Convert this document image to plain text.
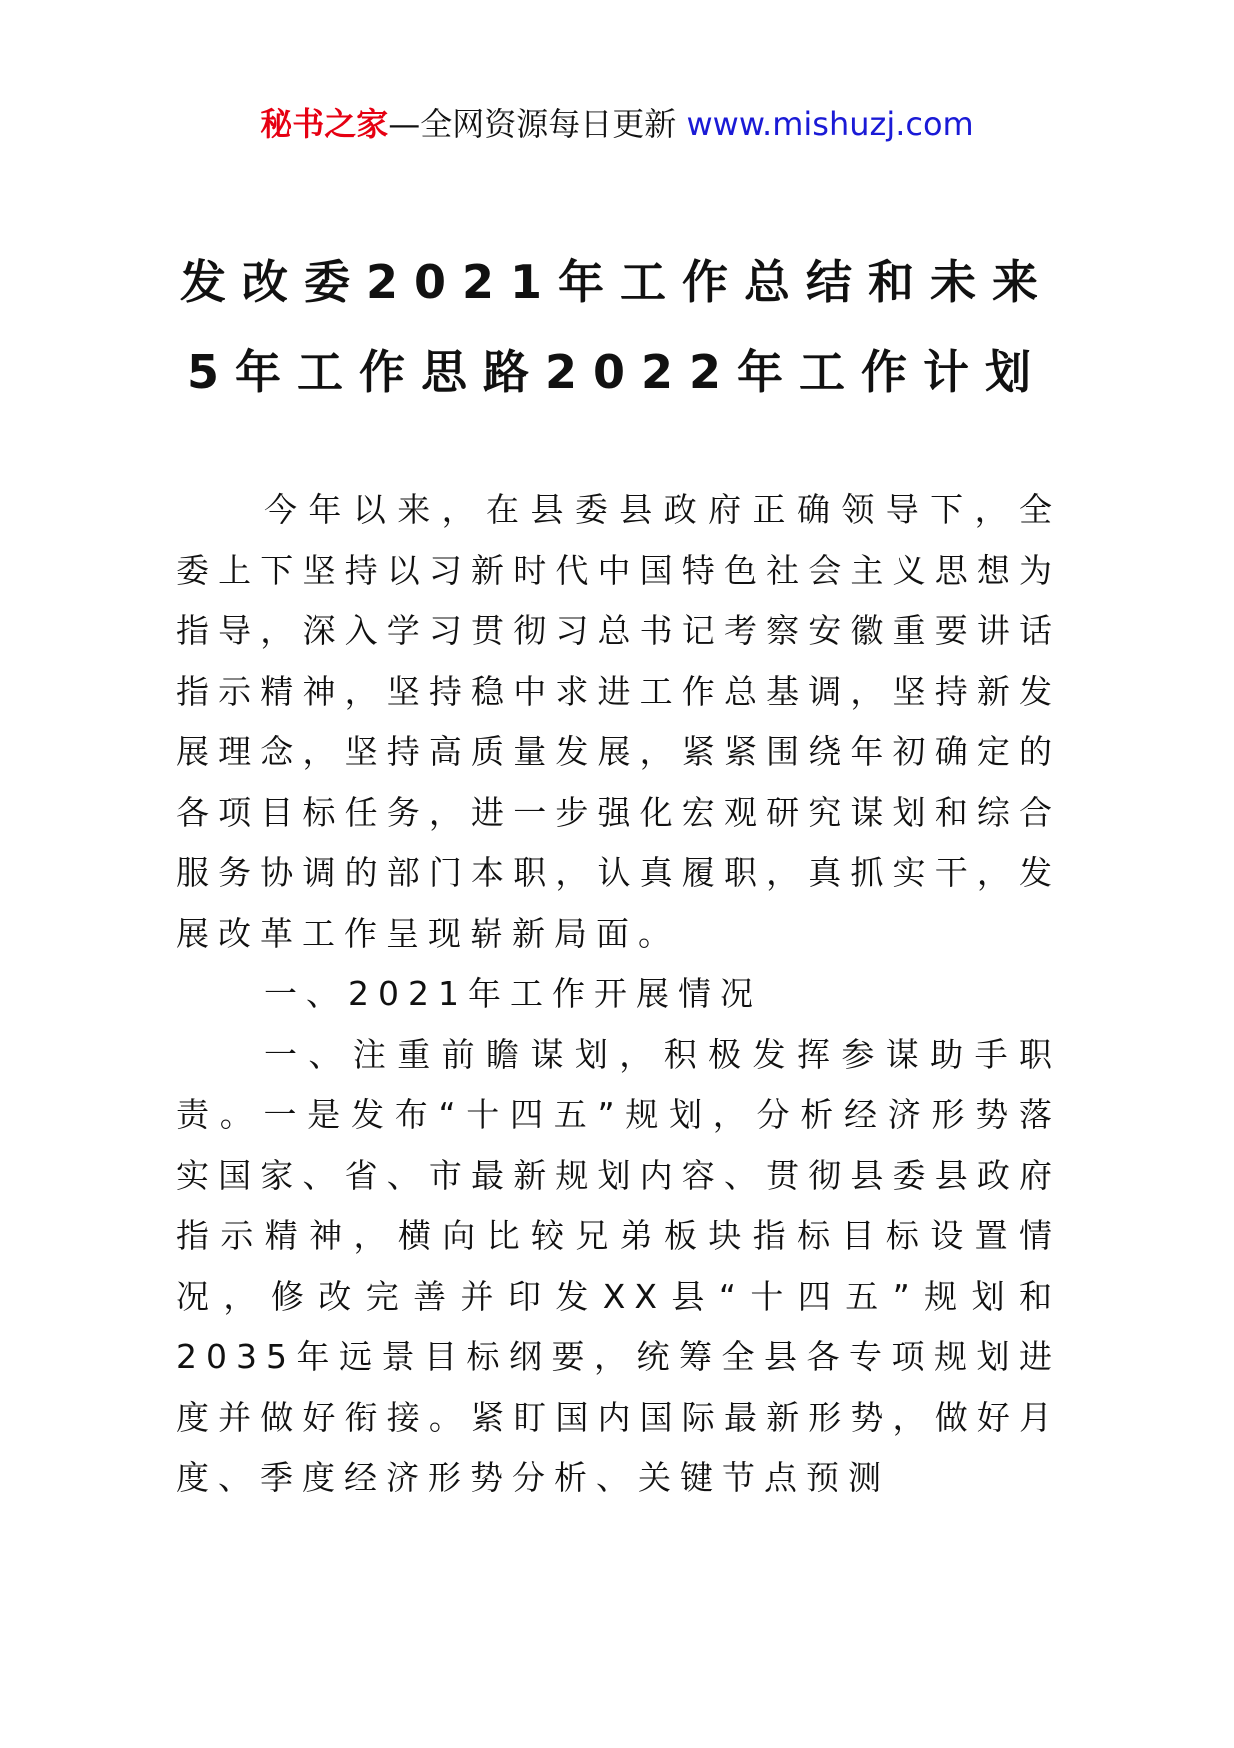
秘书之家—全网资源每日更新 www.mishuzj.com
发改委2021年工作总结和未来
5年工作思路2022年工作计划

今年以来，在县委县政府正确领导下，全委上下坚持以习新时代中国特色社会主义思想为指导，深入学习贯彻习总书记考察安徽重要讲话指示精神，坚持稳中求进工作总基调，坚持新发展理念，坚持高质量发展，紧紧围绕年初确定的各项目标任务，进一步强化宏观研究谋划和综合服务协调的部门本职，认真履职，真抓实干，发展改革工作呈现崭新局面。

一、2021年工作开展情况

一、注重前瞻谋划，积极发挥参谋助手职责。一是发布“十四五”规划，分析经济形势落实国家、省、市最新规划内容、贯彻县委县政府指示精神，横向比较兄弟板块指标目标设置情况，修改完善并印发XX县“十四五”规划和2035年远景目标纲要，统筹全县各专项规划进度并做好衔接。紧盯国内国际最新形势，做好月度、季度经济形势分析、关键节点预测
